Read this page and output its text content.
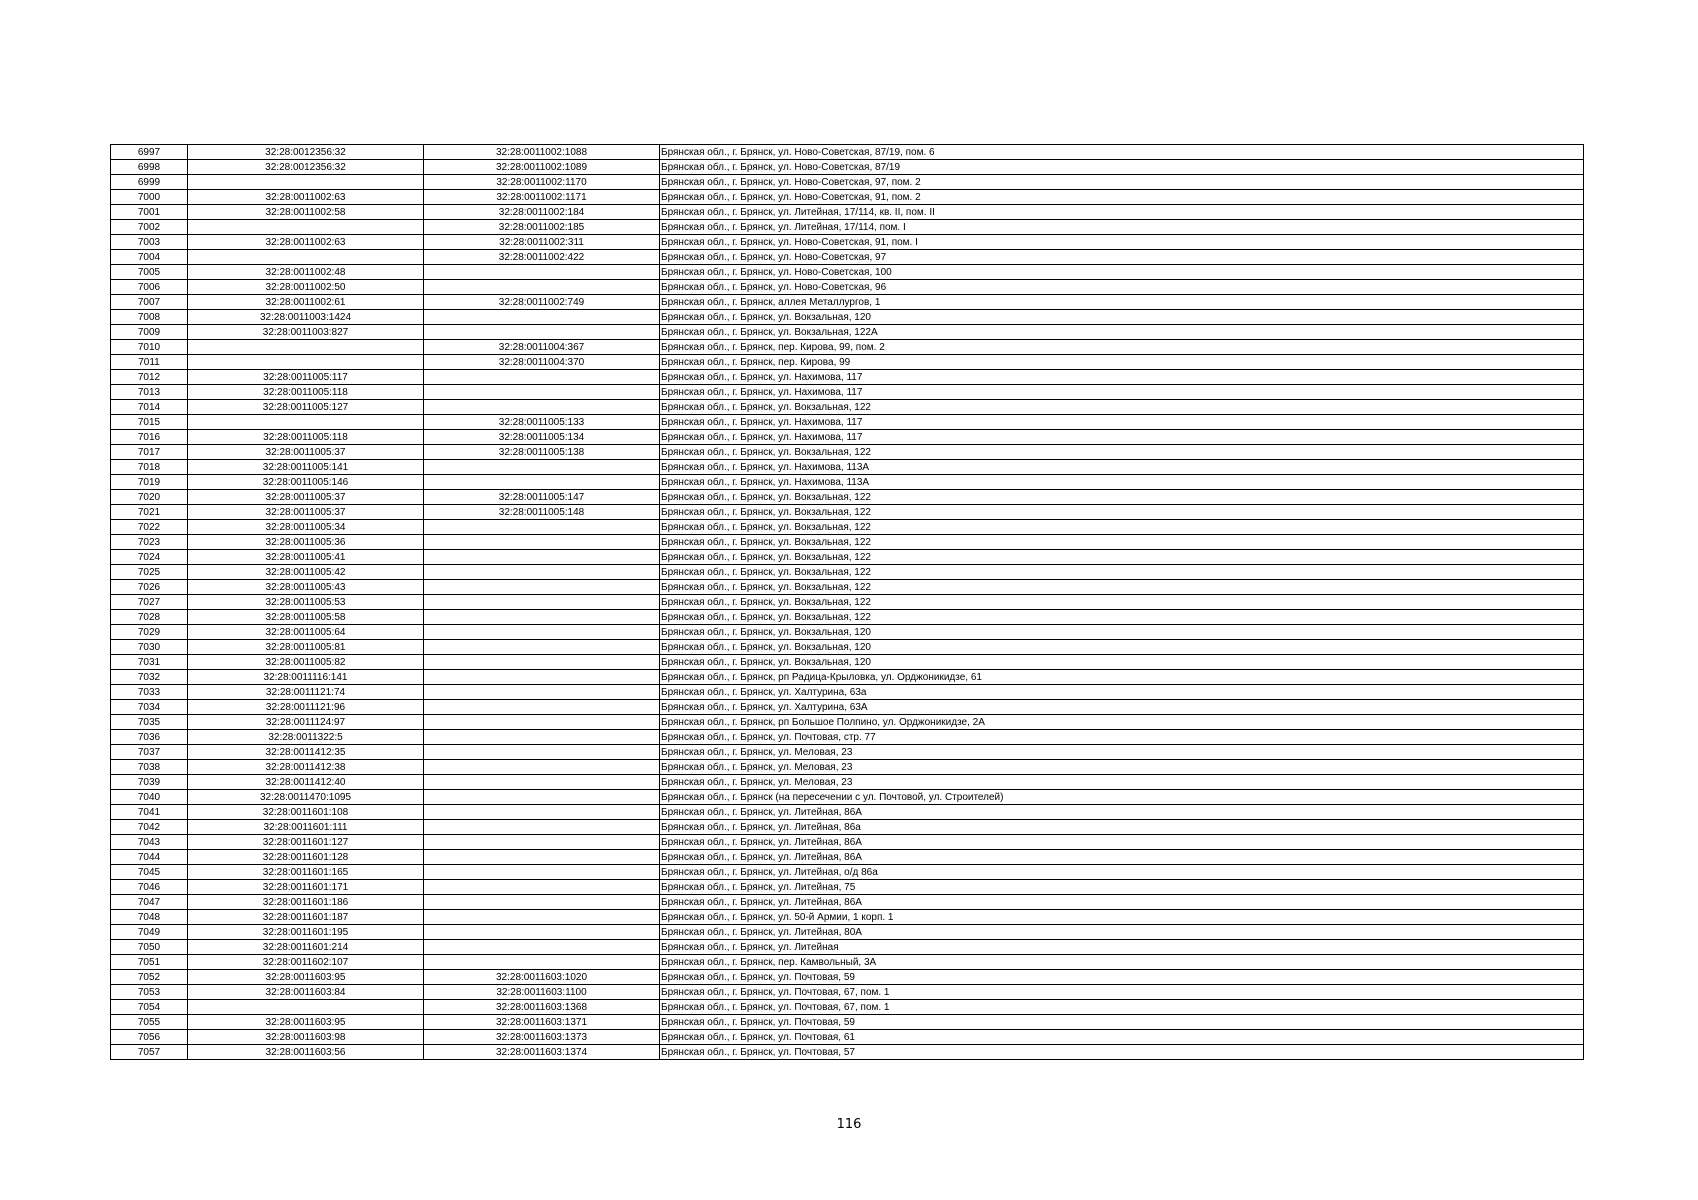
6997	32:28:0012356:32	32:28:0011002:1088	Брянская обл., г. Брянск, ул. Ново-Советская, 87/19, пом. 6
6998	32:28:0012356:32	32:28:0011002:1089	Брянская обл., г. Брянск, ул. Ново-Советская, 87/19
6999		32:28:0011002:1170	Брянская обл., г. Брянск, ул. Ново-Советская, 97, пом. 2
7000	32:28:0011002:63	32:28:0011002:1171	Брянская обл., г. Брянск, ул. Ново-Советская, 91, пом. 2
7001	32:28:0011002:58	32:28:0011002:184	Брянская обл., г. Брянск, ул. Литейная, 17/114, кв. II, пом. II
7002		32:28:0011002:185	Брянская обл., г. Брянск, ул. Литейная, 17/114, пом. I
7003	32:28:0011002:63	32:28:0011002:311	Брянская обл., г. Брянск, ул. Ново-Советская, 91, пом. I
7004		32:28:0011002:422	Брянская обл., г. Брянск, ул. Ново-Советская, 97
7005	32:28:0011002:48		Брянская обл., г. Брянск, ул. Ново-Советская, 100
7006	32:28:0011002:50		Брянская обл., г. Брянск, ул. Ново-Советская, 96
7007	32:28:0011002:61	32:28:0011002:749	Брянская обл., г. Брянск, аллея Металлургов, 1
7008	32:28:0011003:1424		Брянская обл., г. Брянск, ул. Вокзальная, 120
7009	32:28:0011003:827		Брянская обл., г. Брянск, ул. Вокзальная, 122А
7010		32:28:0011004:367	Брянская обл., г. Брянск, пер. Кирова, 99, пом. 2
7011		32:28:0011004:370	Брянская обл., г. Брянск, пер. Кирова, 99
7012	32:28:0011005:117		Брянская обл., г. Брянск, ул. Нахимова, 117
7013	32:28:0011005:118		Брянская обл., г. Брянск, ул. Нахимова, 117
7014	32:28:0011005:127		Брянская обл., г. Брянск, ул. Вокзальная, 122
7015		32:28:0011005:133	Брянская обл., г. Брянск, ул. Нахимова, 117
7016	32:28:0011005:118	32:28:0011005:134	Брянская обл., г. Брянск, ул. Нахимова, 117
7017	32:28:0011005:37	32:28:0011005:138	Брянская обл., г. Брянск, ул. Вокзальная, 122
7018	32:28:0011005:141		Брянская обл., г. Брянск, ул. Нахимова, 113А
7019	32:28:0011005:146		Брянская обл., г. Брянск, ул. Нахимова, 113А
7020	32:28:0011005:37	32:28:0011005:147	Брянская обл., г. Брянск, ул. Вокзальная, 122
7021	32:28:0011005:37	32:28:0011005:148	Брянская обл., г. Брянск, ул. Вокзальная, 122
7022	32:28:0011005:34		Брянская обл., г. Брянск, ул. Вокзальная, 122
7023	32:28:0011005:36		Брянская обл., г. Брянск, ул. Вокзальная, 122
7024	32:28:0011005:41		Брянская обл., г. Брянск, ул. Вокзальная, 122
7025	32:28:0011005:42		Брянская обл., г. Брянск, ул. Вокзальная, 122
7026	32:28:0011005:43		Брянская обл., г. Брянск, ул. Вокзальная, 122
7027	32:28:0011005:53		Брянская обл., г. Брянск, ул. Вокзальная, 122
7028	32:28:0011005:58		Брянская обл., г. Брянск, ул. Вокзальная, 122
7029	32:28:0011005:64		Брянская обл., г. Брянск, ул. Вокзальная, 120
7030	32:28:0011005:81		Брянская обл., г. Брянск, ул. Вокзальная, 120
7031	32:28:0011005:82		Брянская обл., г. Брянск, ул. Вокзальная, 120
7032	32:28:0011116:141		Брянская обл., г. Брянск, рп Радица-Крыловка, ул. Орджоникидзе, 61
7033	32:28:0011121:74		Брянская обл., г. Брянск, ул. Халтурина, 63а
7034	32:28:0011121:96		Брянская обл., г. Брянск, ул. Халтурина, 63А
7035	32:28:0011124:97		Брянская обл., г. Брянск, рп Большое Полпино, ул. Орджоникидзе, 2А
7036	32:28:0011322:5		Брянская обл., г. Брянск, ул. Почтовая, стр. 77
7037	32:28:0011412:35		Брянская обл., г. Брянск, ул. Меловая, 23
7038	32:28:0011412:38		Брянская обл., г. Брянск, ул. Меловая, 23
7039	32:28:0011412:40		Брянская обл., г. Брянск, ул. Меловая, 23
7040	32:28:0011470:1095		Брянская обл., г. Брянск (на пересечении с ул. Почтовой, ул. Строителей)
7041	32:28:0011601:108		Брянская обл., г. Брянск, ул. Литейная, 86А
7042	32:28:0011601:111		Брянская обл., г. Брянск, ул. Литейная, 86а
7043	32:28:0011601:127		Брянская обл., г. Брянск, ул. Литейная, 86А
7044	32:28:0011601:128		Брянская обл., г. Брянск, ул. Литейная, 86А
7045	32:28:0011601:165		Брянская обл., г. Брянск, ул. Литейная, о/д 86а
7046	32:28:0011601:171		Брянская обл., г. Брянск, ул. Литейная, 75
7047	32:28:0011601:186		Брянская обл., г. Брянск, ул. Литейная, 86А
7048	32:28:0011601:187		Брянская обл., г. Брянск, ул. 50-й Армии, 1 корп. 1
7049	32:28:0011601:195		Брянская обл., г. Брянск, ул. Литейная, 80А
7050	32:28:0011601:214		Брянская обл., г. Брянск, ул. Литейная
7051	32:28:0011602:107		Брянская обл., г. Брянск, пер. Камвольный, 3А
7052	32:28:0011603:95	32:28:0011603:1020	Брянская обл., г. Брянск, ул. Почтовая, 59
7053	32:28:0011603:84	32:28:0011603:1100	Брянская обл., г. Брянск, ул. Почтовая, 67, пом. 1
7054		32:28:0011603:1368	Брянская обл., г. Брянск, ул. Почтовая, 67, пом. 1
7055	32:28:0011603:95	32:28:0011603:1371	Брянская обл., г. Брянск, ул. Почтовая, 59
7056	32:28:0011603:98	32:28:0011603:1373	Брянская обл., г. Брянск, ул. Почтовая, 61
7057	32:28:0011603:56	32:28:0011603:1374	Брянская обл., г. Брянск, ул. Почтовая, 57
116
